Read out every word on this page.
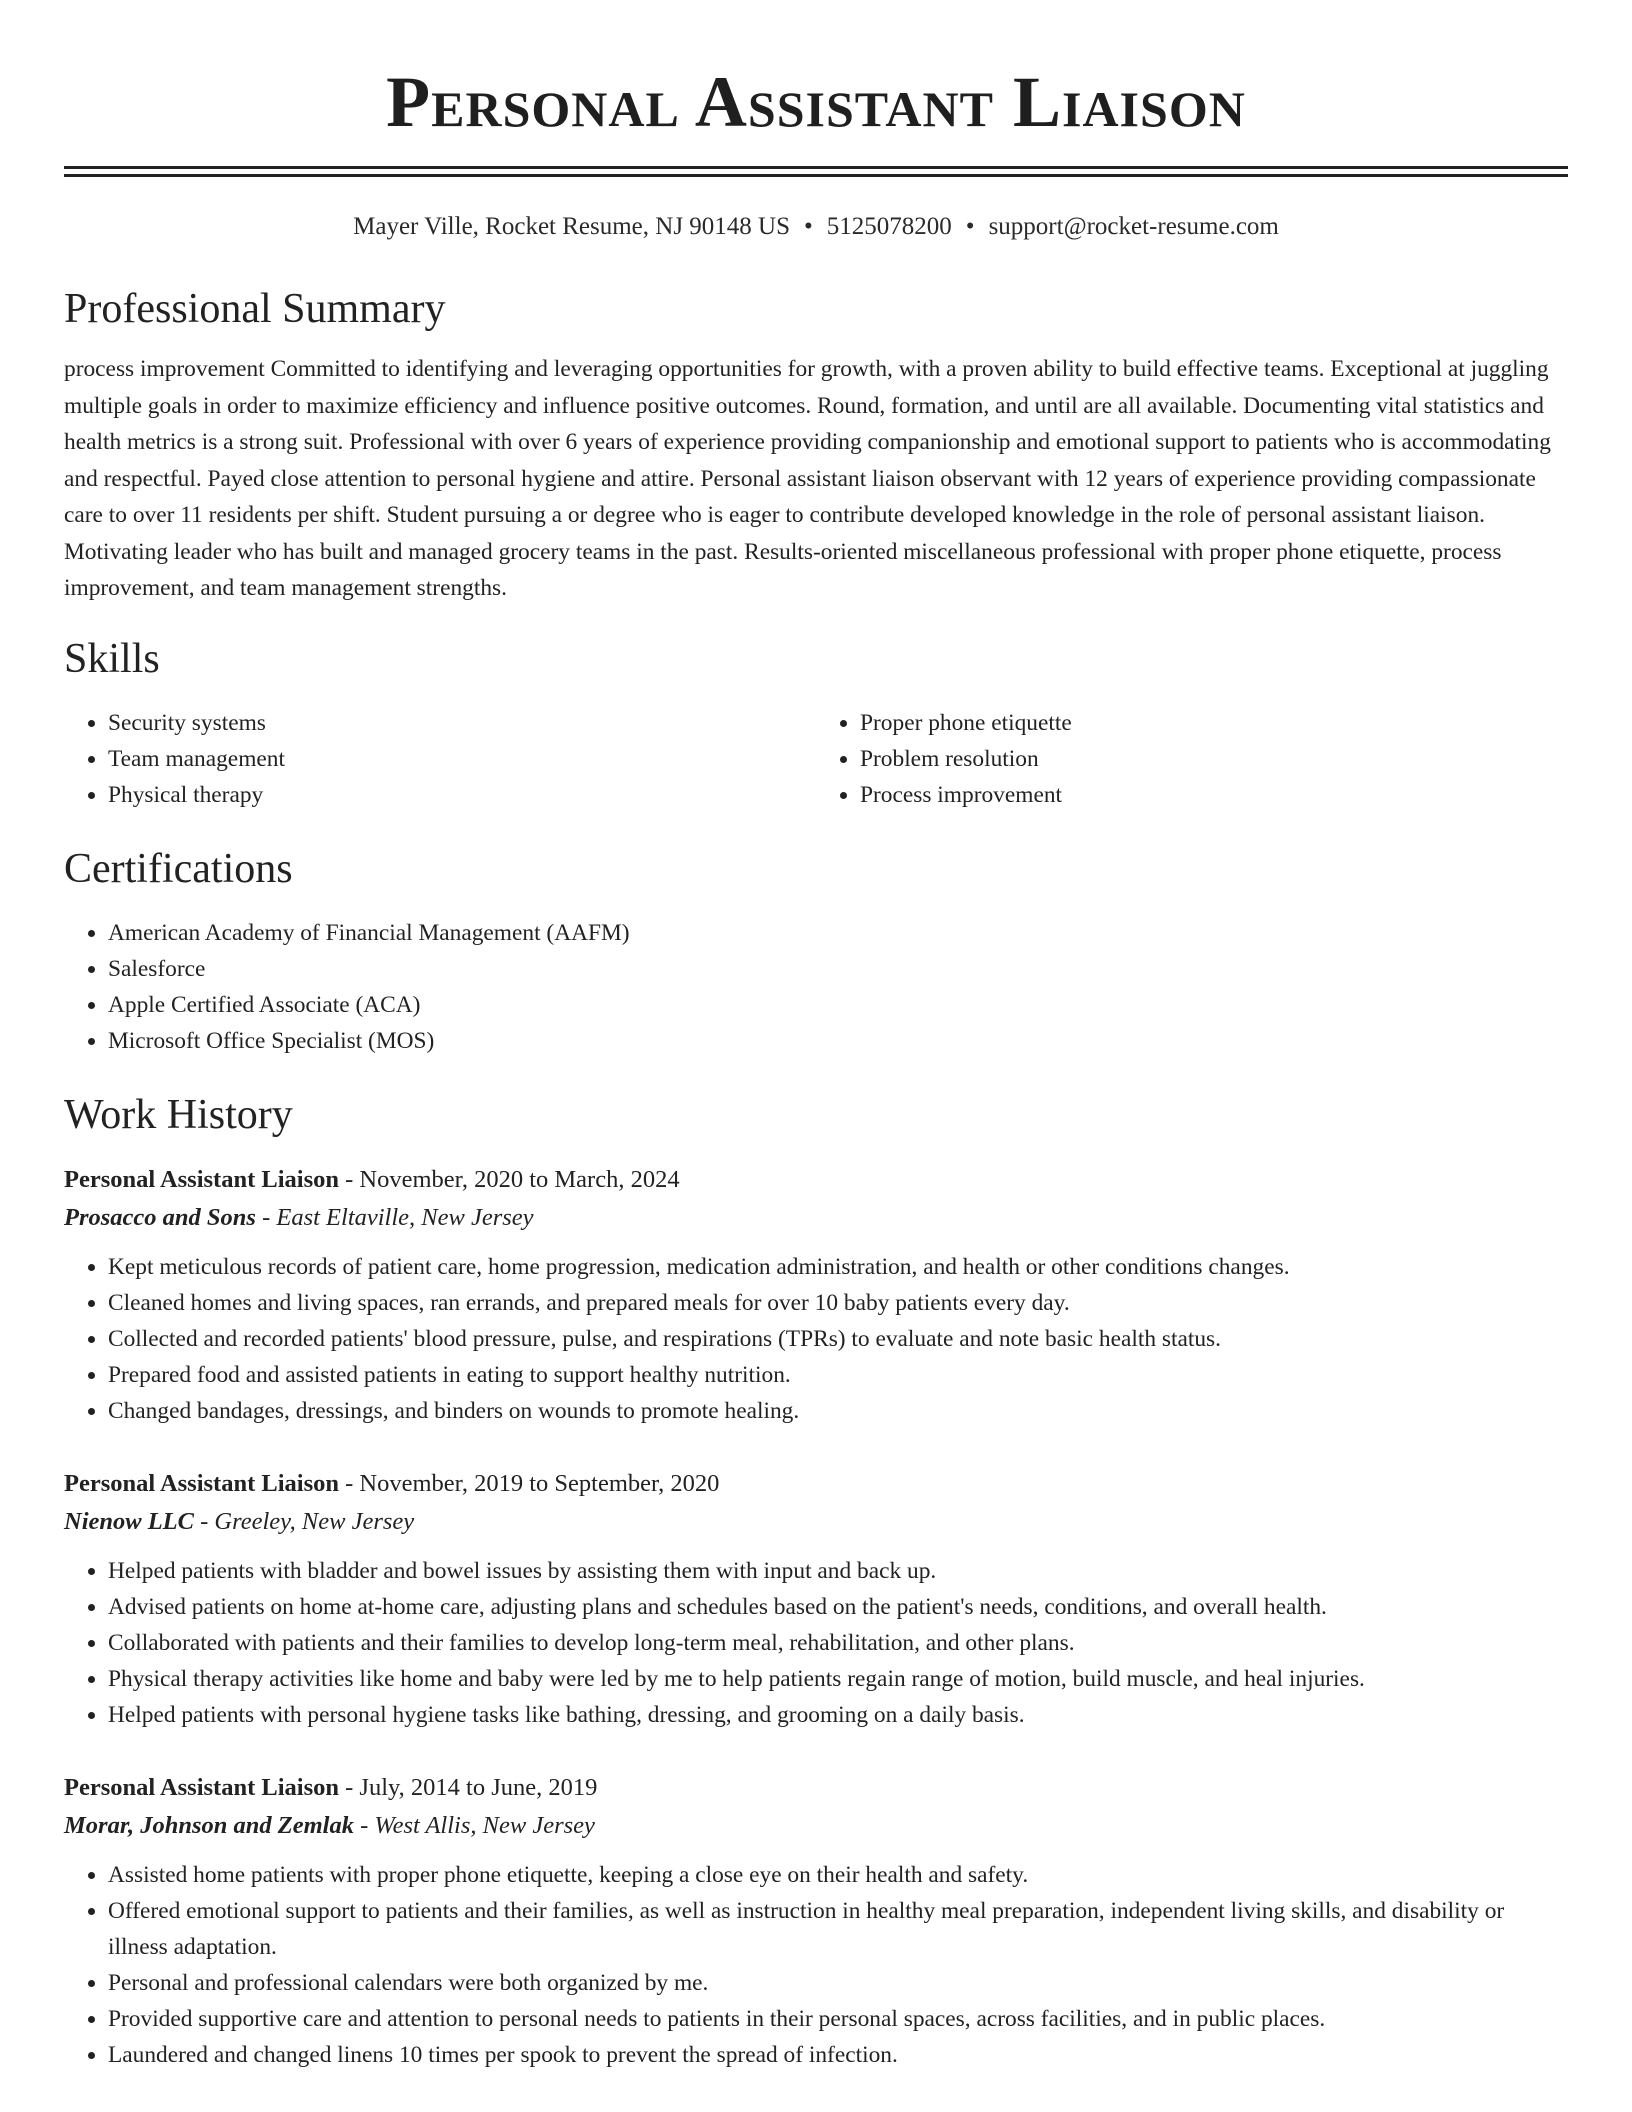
Personal Assistant Liaison
Mayer Ville, Rocket Resume, NJ 90148 US • 5125078200 • support@rocket-resume.com
Professional Summary

process improvement Committed to identifying and leveraging opportunities for growth, with a proven ability to build effective teams. Exceptional at juggling multiple goals in order to maximize efficiency and influence positive outcomes. Round, formation, and until are all available. Documenting vital statistics and health metrics is a strong suit. Professional with over 6 years of experience providing companionship and emotional support to patients who is accommodating and respectful. Payed close attention to personal hygiene and attire. Personal assistant liaison observant with 12 years of experience providing compassionate care to over 11 residents per shift. Student pursuing a or degree who is eager to contribute developed knowledge in the role of personal assistant liaison. Motivating leader who has built and managed grocery teams in the past. Results-oriented miscellaneous professional with proper phone etiquette, process improvement, and team management strengths.

Skills
• Security systems
• Team management
• Physical therapy
• Proper phone etiquette
• Problem resolution
• Process improvement
Certifications
• American Academy of Financial Management (AAFM)
• Salesforce
• Apple Certified Associate (ACA)
• Microsoft Office Specialist (MOS)
Work History
Personal Assistant Liaison - November, 2020 to March, 2024
Prosacco and Sons - East Eltaville, New Jersey
• Kept meticulous records of patient care, home progression, medication administration, and health or other conditions changes.
• Cleaned homes and living spaces, ran errands, and prepared meals for over 10 baby patients every day.
• Collected and recorded patients' blood pressure, pulse, and respirations (TPRs) to evaluate and note basic health status.
• Prepared food and assisted patients in eating to support healthy nutrition.
• Changed bandages, dressings, and binders on wounds to promote healing.
Personal Assistant Liaison - November, 2019 to September, 2020
Nienow LLC - Greeley, New Jersey
• Helped patients with bladder and bowel issues by assisting them with input and back up.
• Advised patients on home at-home care, adjusting plans and schedules based on the patient's needs, conditions, and overall health.
• Collaborated with patients and their families to develop long-term meal, rehabilitation, and other plans.
• Physical therapy activities like home and baby were led by me to help patients regain range of motion, build muscle, and heal injuries.
• Helped patients with personal hygiene tasks like bathing, dressing, and grooming on a daily basis.
Personal Assistant Liaison - July, 2014 to June, 2019
Morar, Johnson and Zemlak - West Allis, New Jersey
• Assisted home patients with proper phone etiquette, keeping a close eye on their health and safety.
• Offered emotional support to patients and their families, as well as instruction in healthy meal preparation, independent living skills, and disability or illness adaptation.
• Personal and professional calendars were both organized by me.
• Provided supportive care and attention to personal needs to patients in their personal spaces, across facilities, and in public places.
• Laundered and changed linens 10 times per spook to prevent the spread of infection.
